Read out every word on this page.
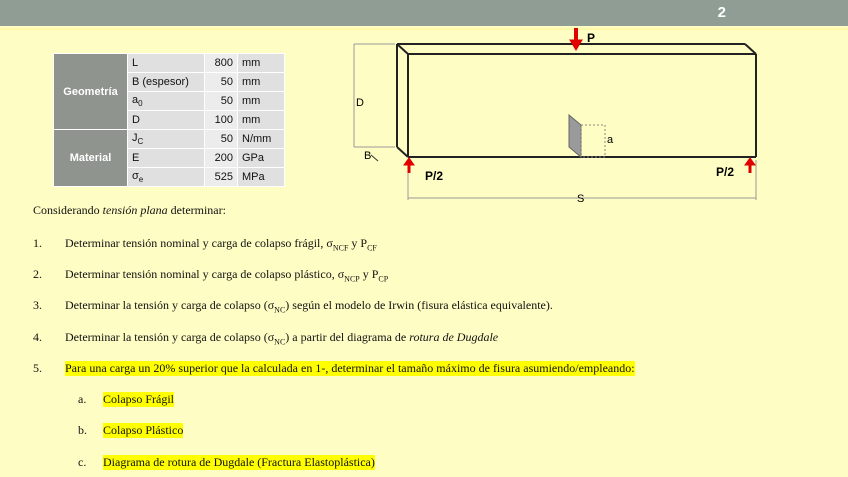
2
Geometría	L	800	mm
	B (espesor)	50	mm
	$a_0$	50	mm
	D	100	mm
Material	$J_C$	50	N/mm
	E	200	GPa
	$\sigma_e$	525	MPa
a
D
B
S
P
P/2	P/2
Considerando tensión plana determinar:
1. Determinar tensión nominal y carga de colapso frágil, $\sigma_{NCF}$ y $P_{CF}$
2. Determinar tensión nominal y carga de colapso plástico, $\sigma_{NCP}$ y $P_{CP}$
3. Determinar la tensión y carga de colapso $(\sigma_{NC})$ según el modelo de Irwin (fisura elástica equivalente).
4. Determinar la tensión y carga de colapso $(\sigma_{NC})$ a partir del diagrama de rotura de Dugdale
5. Para una carga un 20% superior que la calculada en 1-, determinar el tamaño máximo de fisura asumiendo/empleando:
a. Colapso Frágil
b. Colapso Plástico
c. Diagrama de rotura de Dugdale (Fractura Elastoplástica)
